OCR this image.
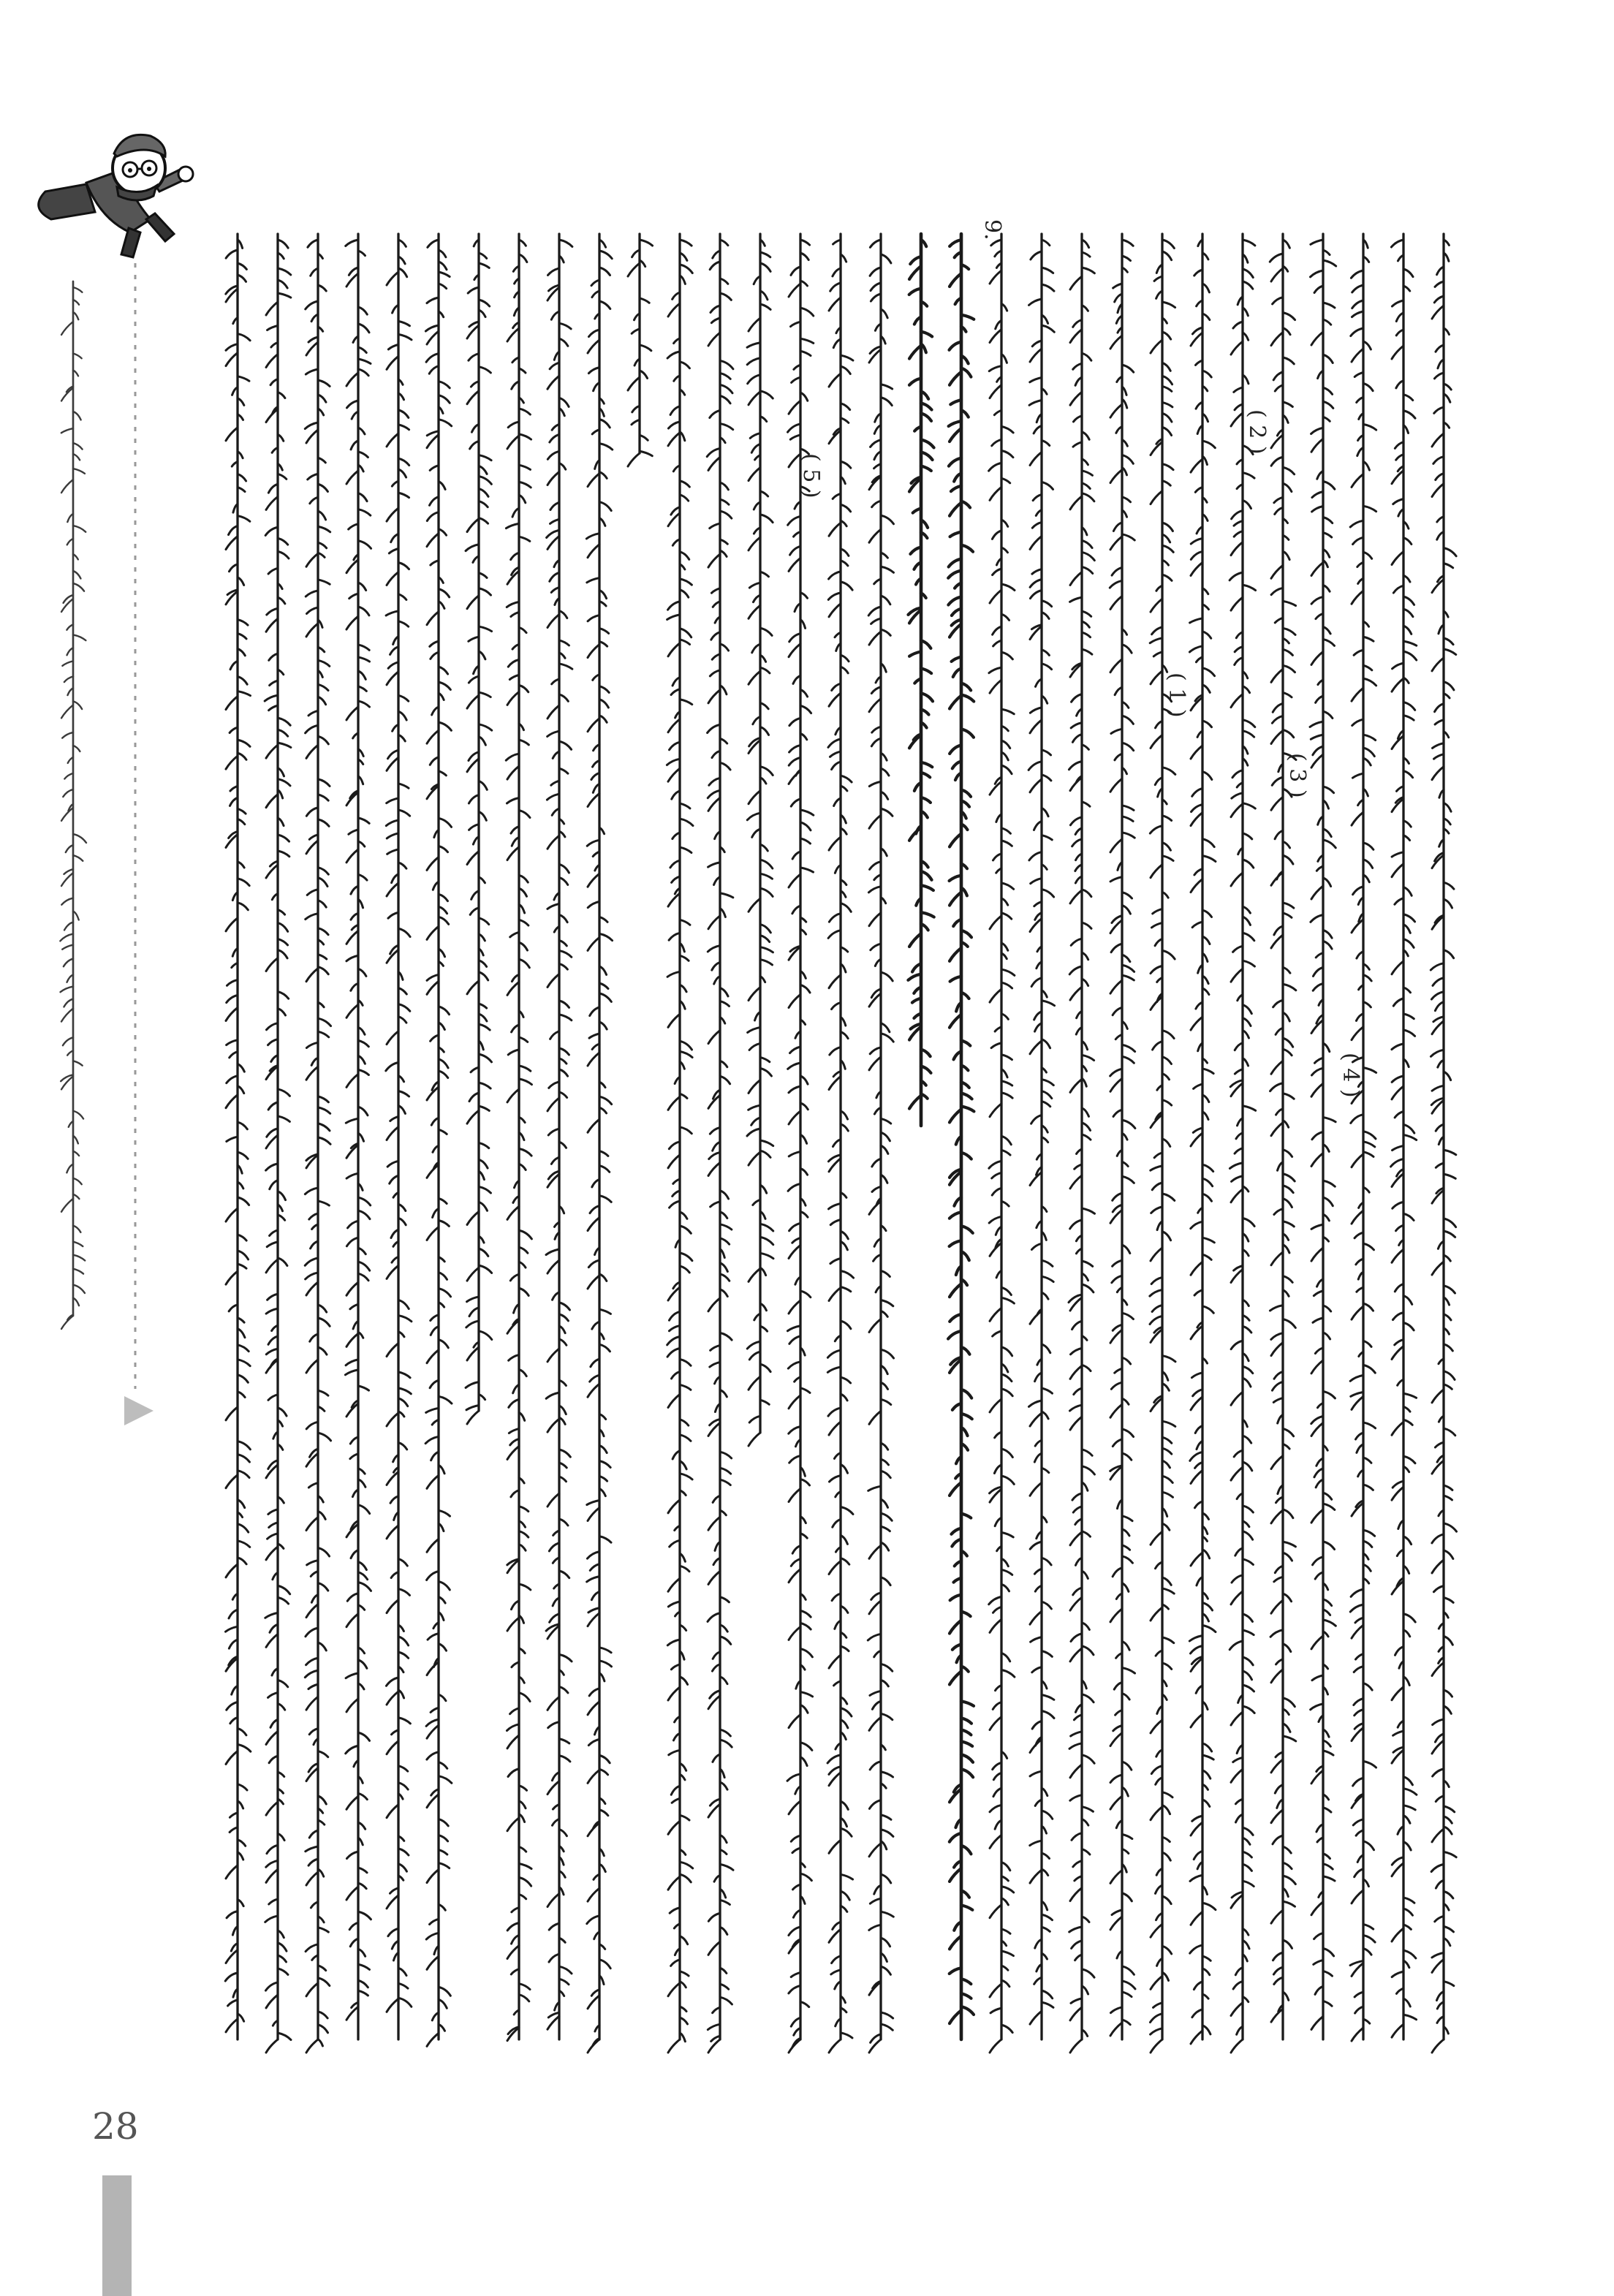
( 4 )
( 3 )
( 2 )
( 1 )
( 5 )
9.
28
